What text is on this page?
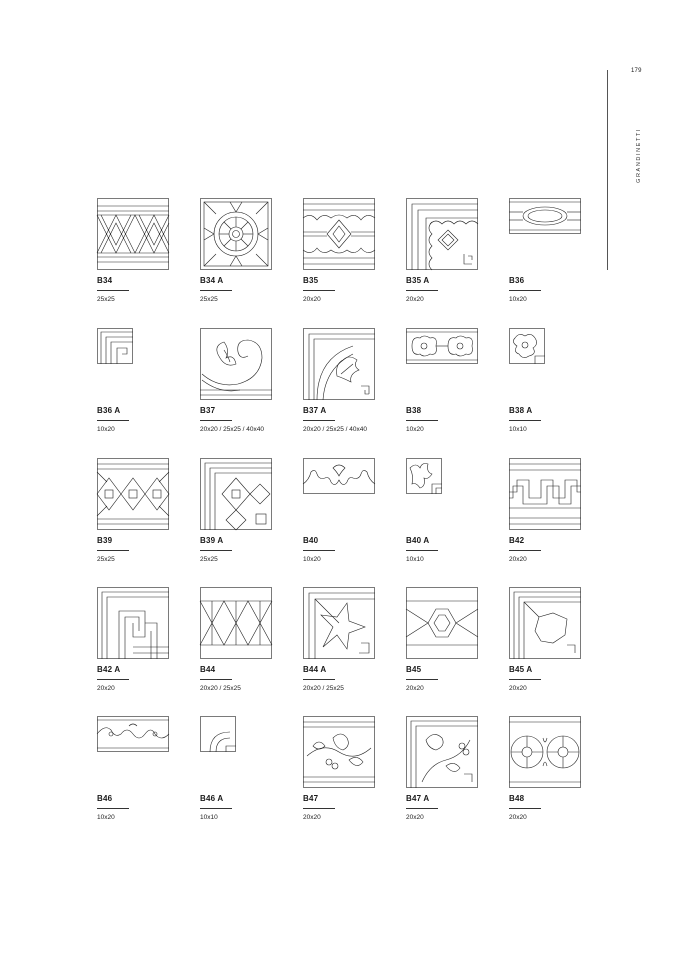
179
GRANDINETTI
B34
25x25
B34 A
25x25
B35
20x20
B35 A
20x20
B36
10x20
B36 A
10x20
B37
20x20 / 25x25 / 40x40
B37 A
20x20 / 25x25 / 40x40
B38
10x20
B38 A
10x10
B39
25x25
B39 A
25x25
B40
10x20
B40 A
10x10
B42
20x20
B42 A
20x20
B44
20x20 / 25x25
B44 A
20x20 / 25x25
B45
20x20
B45 A
20x20
B46
10x20
B46 A
10x10
B47
20x20
B47 A
20x20
B48
20x20
